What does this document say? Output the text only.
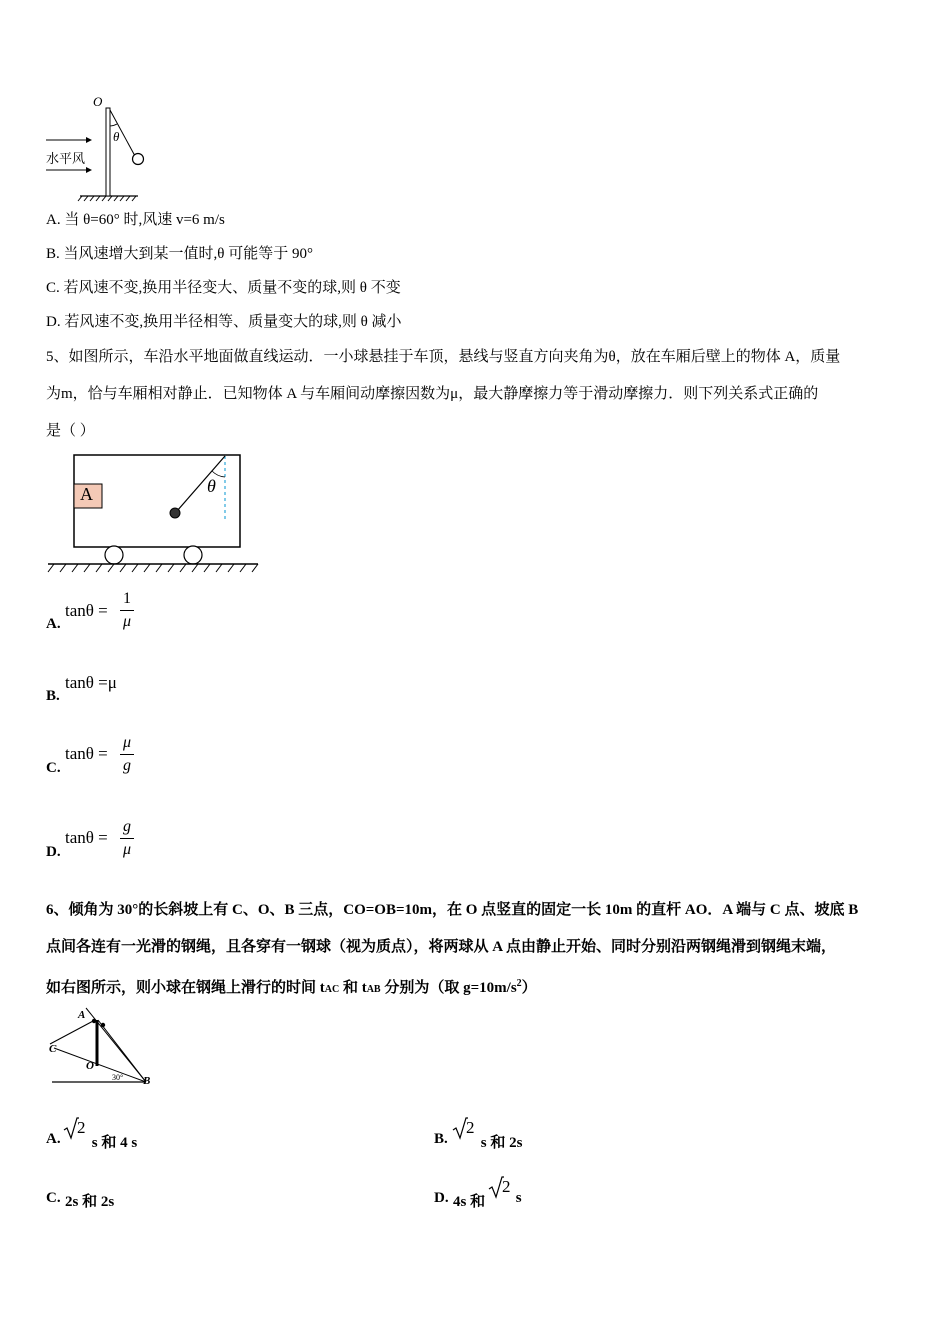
O
θ
水平风
A. 当 θ=60° 时,风速 v=6 m/s
B. 当风速增大到某一值时,θ 可能等于 90°
C. 若风速不变,换用半径变大、质量不变的球,则 θ 不变
D. 若风速不变,换用半径相等、质量变大的球,则 θ 减小
5、如图所示，车沿水平地面做直线运动．一小球悬挂于车顶，悬线与竖直方向夹角为θ，放在车厢后壁上的物体 A，质量
为m，恰与车厢相对静止．已知物体 A 与车厢间动摩擦因数为μ，最大静摩擦力等于滑动摩擦力．则下列关系式正确的
是（ ）
A	θ
A.
tanθ =
1
μ
B.
tanθ =μ
C.
tanθ =
μ
g
D.
tanθ =
g
μ
6、倾角为 30°的长斜坡上有 C、O、B 三点，CO=OB=10m，在 O 点竖直的固定一长 10m 的直杆 AO．A 端与 C 点、坡底 B
点间各连有一光滑的钢绳，且各穿有一钢球（视为质点），将两球从 A 点由静止开始、同时分别沿两钢绳滑到钢绳末端，
如右图所示，则小球在钢绳上滑行的时间 tAC 和 tAB 分别为（取 $g=10m/s^2$）
A
C
O
30° B
A.
2
s 和 4 s	B.
2
s 和 2s
C. 2s 和 2s	D. 4s 和
2
s
